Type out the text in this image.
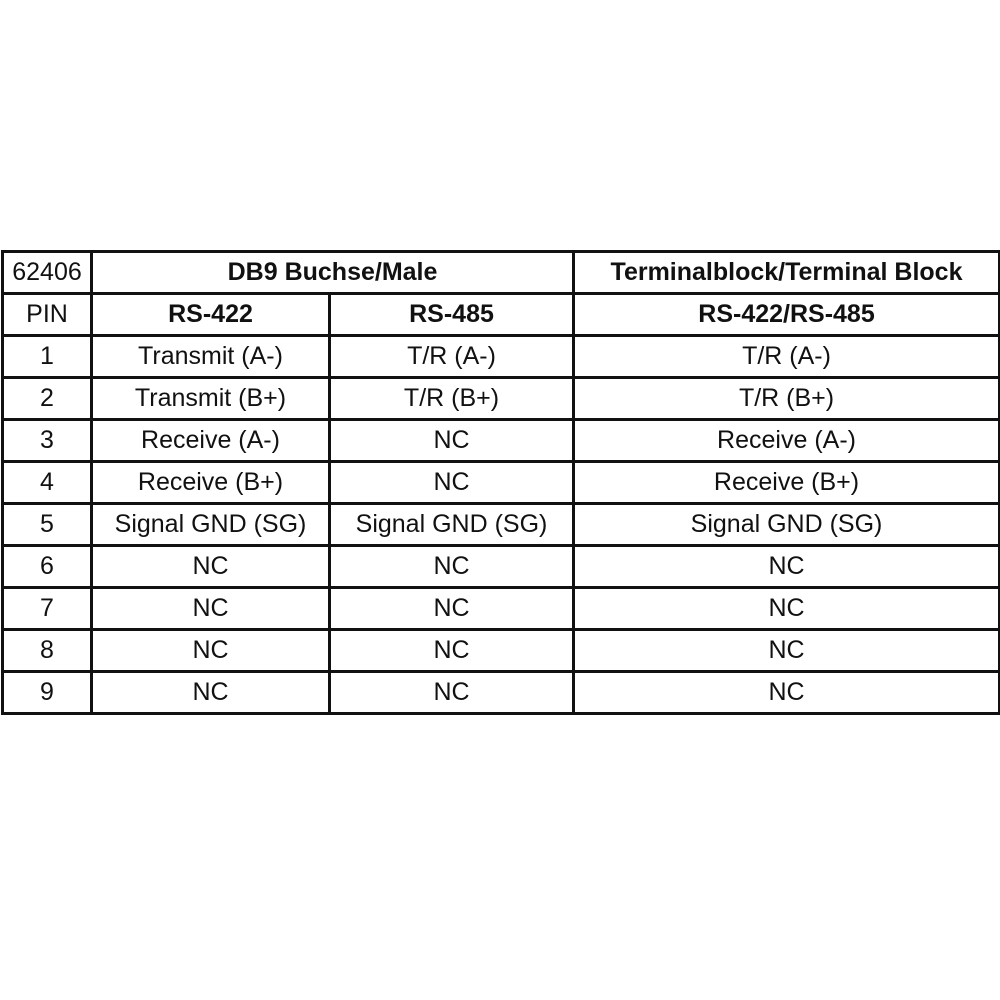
62406	DB9 Buchse/Male		Terminalblock/Terminal Block
PIN	RS-422	RS-485	RS-422/RS-485
1	Transmit (A-)	T/R (A-)	T/R (A-)
2	Transmit (B+)	T/R (B+)	T/R (B+)
3	Receive (A-)	NC	Receive (A-)
4	Receive (B+)	NC	Receive (B+)
5	Signal GND (SG)	Signal GND (SG)	Signal GND (SG)
6	NC	NC	NC
7	NC	NC	NC
8	NC	NC	NC
9	NC	NC	NC
